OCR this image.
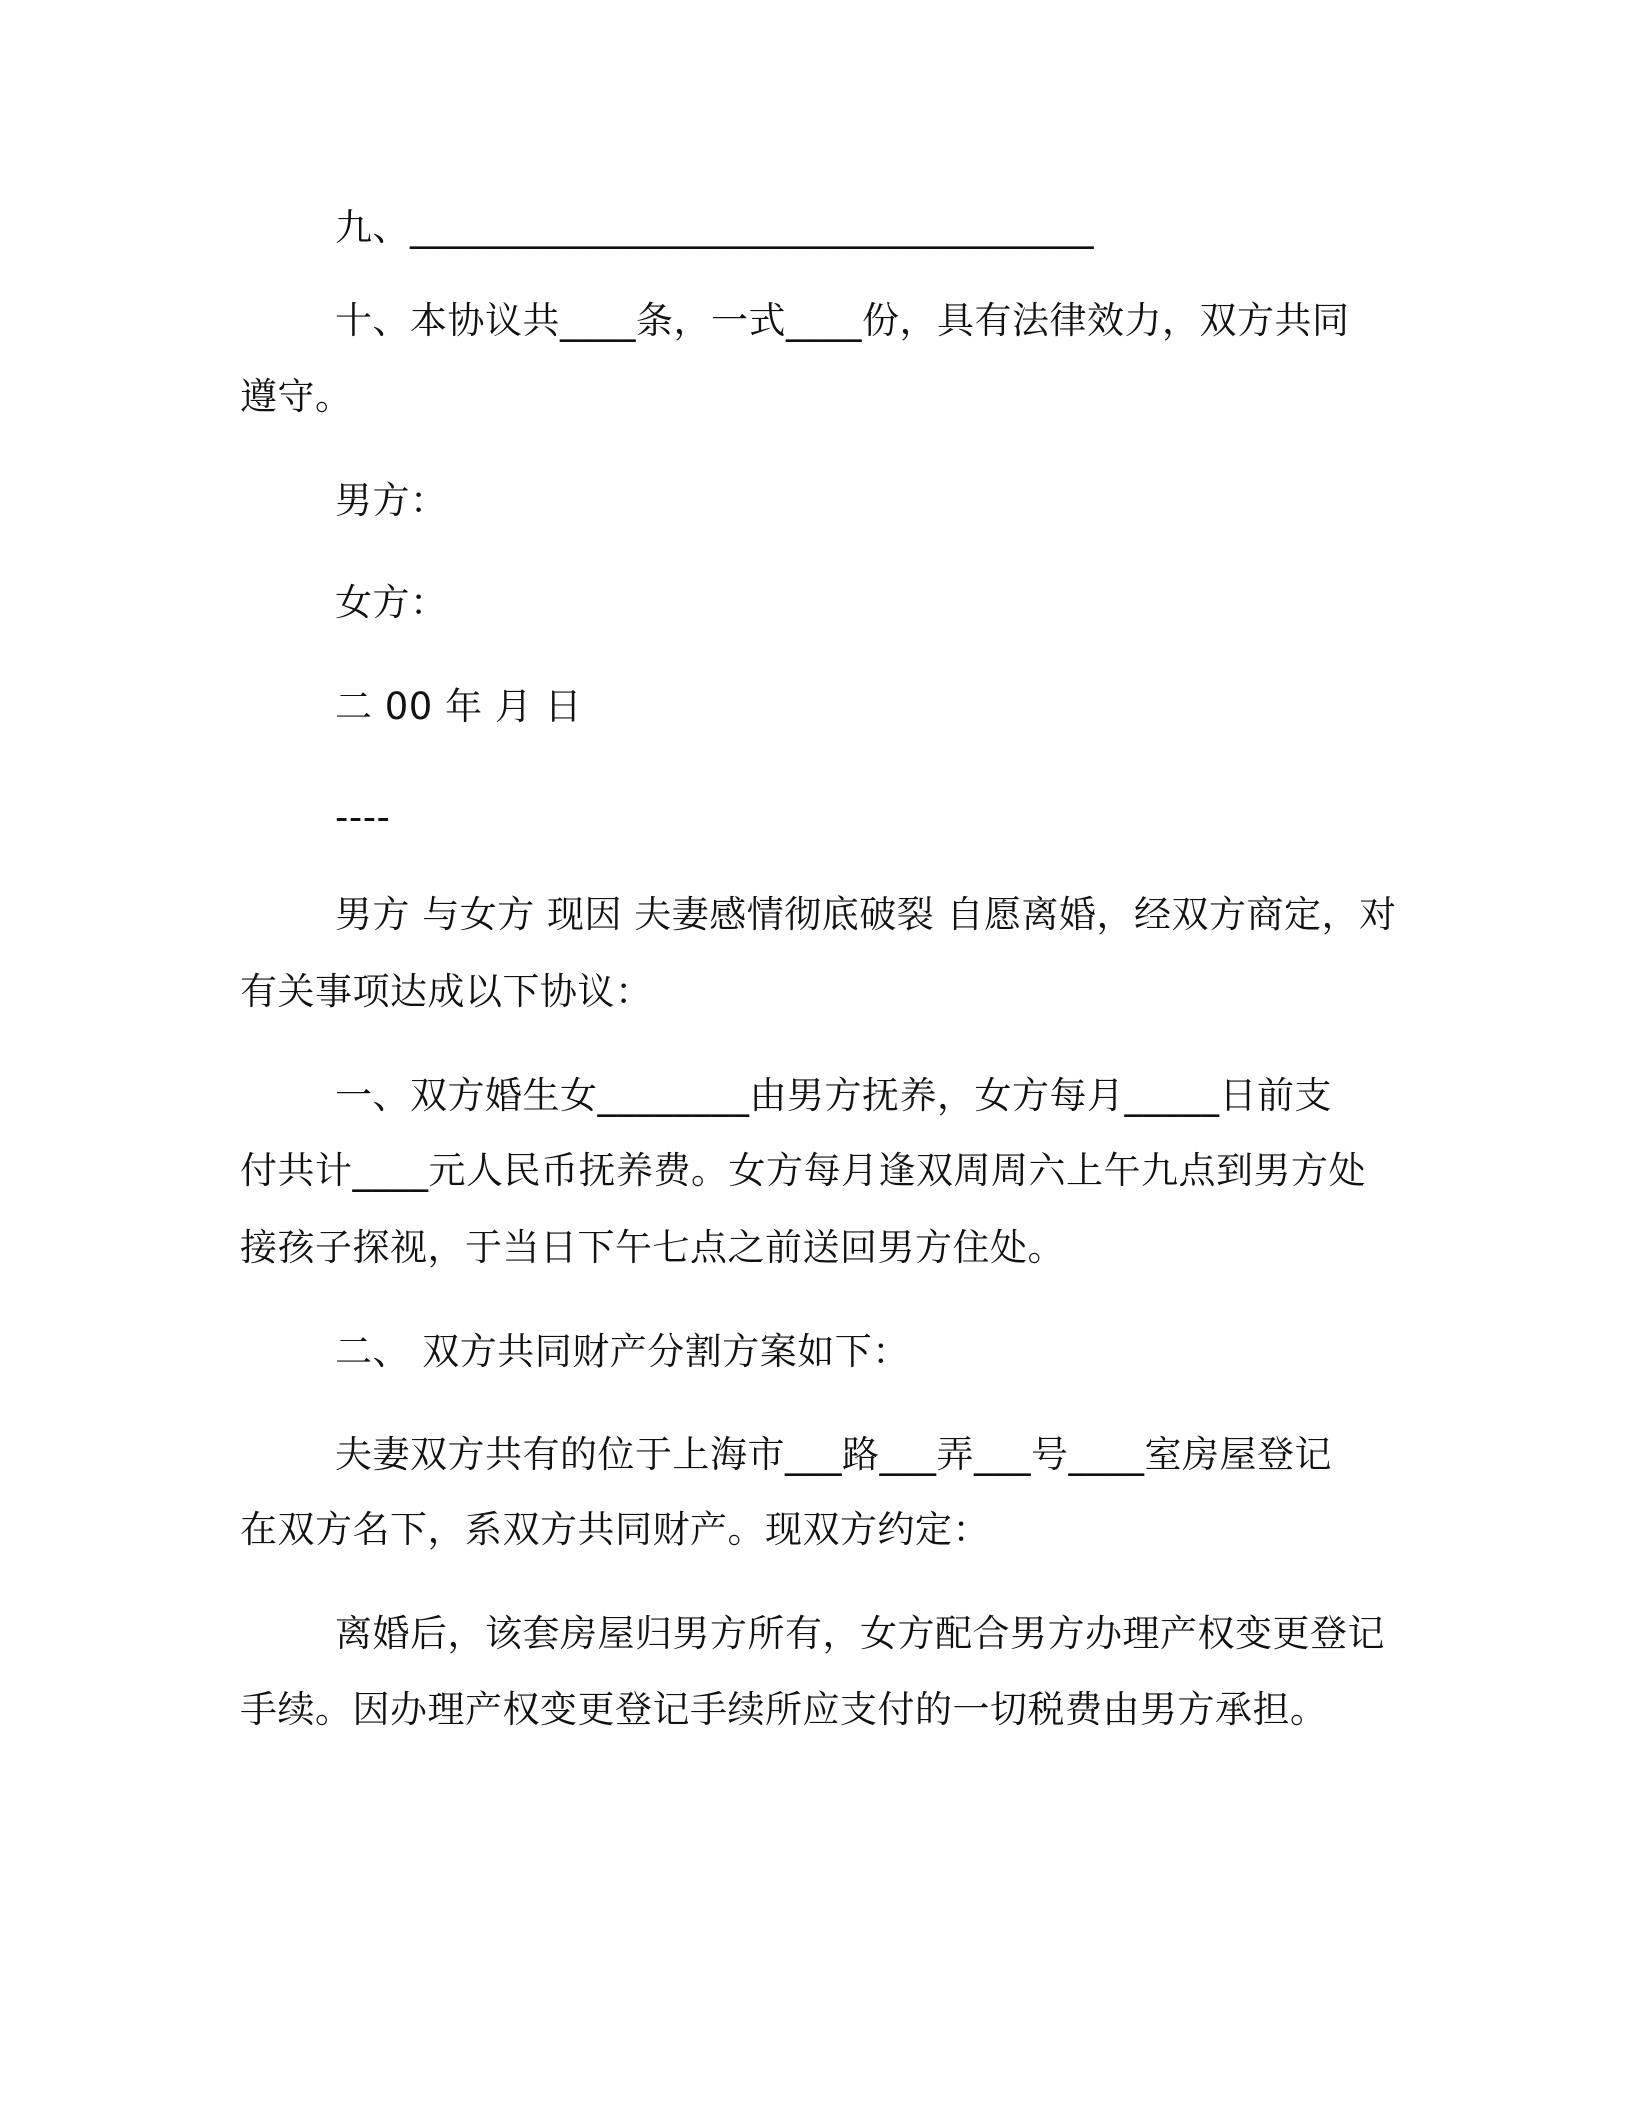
九、____________________________________

十、本协议共____条，一式____份，具有法律效力，双方共同

遵守。

男方：

女方：

二 00 年 月 日

----

男方 与女方 现因 夫妻感情彻底破裂 自愿离婚，经双方商定，对

有关事项达成以下协议：

一、双方婚生女________由男方抚养，女方每月_____日前支

付共计____元人民币抚养费。女方每月逢双周周六上午九点到男方处

接孩子探视，于当日下午七点之前送回男方住处。

二、 双方共同财产分割方案如下：

夫妻双方共有的位于上海市___路___弄___号____室房屋登记

在双方名下，系双方共同财产。现双方约定：

离婚后，该套房屋归男方所有，女方配合男方办理产权变更登记

手续。因办理产权变更登记手续所应支付的一切税费由男方承担。
